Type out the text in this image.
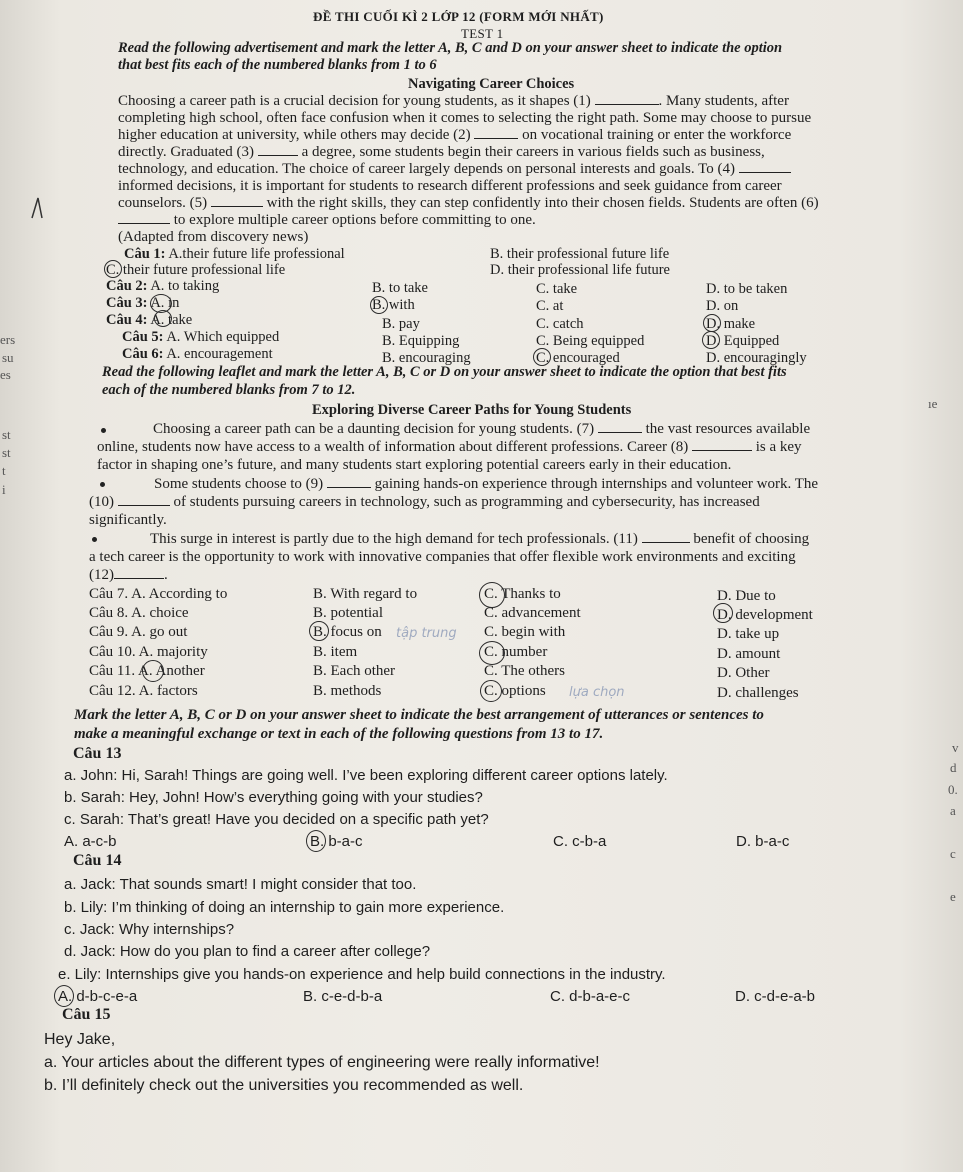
ĐỀ THI CUỐI KÌ 2 LỚP 12 (FORM MỚI NHẤT)
TEST 1
Read the following advertisement and mark the letter A, B, C and D on your answer sheet to indicate the option
that best fits each of the numbered blanks from 1 to 6
Navigating Career Choices
Choosing a career path is a crucial decision for young students, as it shapes (1)	. Many students, after
completing high school, often face confusion when it comes to selecting the right path. Some may choose to pursue
higher education at university, while others may decide (2)	on vocational training or enter the workforce
directly. Graduated (3)	a degree, some students begin their careers in various fields such as business,
technology, and education. The choice of career largely depends on personal interests and goals. To (4)
informed decisions, it is important for students to research different professions and seek guidance from career
counselors. (5)	with the right skills, they can step confidently into their chosen fields. Students are often (6)
to explore multiple career options before committing to one.
(Adapted from discovery news)
Câu 1: A.their future life professional	B. their professional future life
C. their future professional life	D. their professional life future
Câu 2: A. to taking	B. to take	C. take	D. to be taken
Câu 3: A. in	B. with	C. at	D. on
Câu 4: A. take	B. pay	C. catch	D. make
Câu 5: A. Which equipped	B. Equipping	C. Being equipped	D. Equipped
Câu 6: A. encouragement	B. encouraging	C. encouraged	D. encouragingly
Read the following leaflet and mark the letter A, B, C or D on your answer sheet to indicate the option that best fits
each of the numbered blanks from 7 to 12.
Exploring Diverse Career Paths for Young Students
Choosing a career path can be a daunting decision for young students. (7)	the vast resources available
online, students now have access to a wealth of information about different professions. Career (8)	is a key
factor in shaping one’s future, and many students start exploring potential careers early in their education.
Some students choose to (9)	gaining hands-on experience through internships and volunteer work. The
(10)	of students pursuing careers in technology, such as programming and cybersecurity, has increased
significantly.
This surge in interest is partly due to the high demand for tech professionals. (11)	benefit of choosing
a tech career is the opportunity to work with innovative companies that offer flexible work environments and exciting
(12)	.
Câu 7. A. According to	B. With regard to	C. Thanks to	D. Due to
Câu 8. A. choice	B. potential	C. advancement	D. development
Câu 9. A. go out	B. focus on tập trung C. begin with	D. take up
Câu 10. A. majority	B. item	C. number	D. amount
Câu 11. A. Another	B. Each other	C. The others	D. Other
Câu 12. A. factors	B. methods	C. options lựa chọn	D. challenges
Mark the letter A, B, C or D on your answer sheet to indicate the best arrangement of utterances or sentences to
make a meaningful exchange or text in each of the following questions from 13 to 17.
Câu 13
a. John: Hi, Sarah! Things are going well. I’ve been exploring different career options lately.
b. Sarah: Hey, John! How’s everything going with your studies?
c. Sarah: That’s great! Have you decided on a specific path yet?
A. a-c-b	B. b-a-c	C. c-b-a	D. b-a-c
Câu 14
a. Jack: That sounds smart! I might consider that too.
b. Lily: I’m thinking of doing an internship to gain more experience.
c. Jack: Why internships?
d. Jack: How do you plan to find a career after college?
e. Lily: Internships give you hands-on experience and help build connections in the industry.
A. d-b-c-e-a	B. c-e-d-b-a	C. d-b-a-e-c	D. c-d-e-a-b
Câu 15
Hey Jake,
a. Your articles about the different types of engineering were really informative!
b. I’ll definitely check out the universities you recommended as well.
ers
su
es
st
st
t
i
ıe
v
d
0.
a
c
e
